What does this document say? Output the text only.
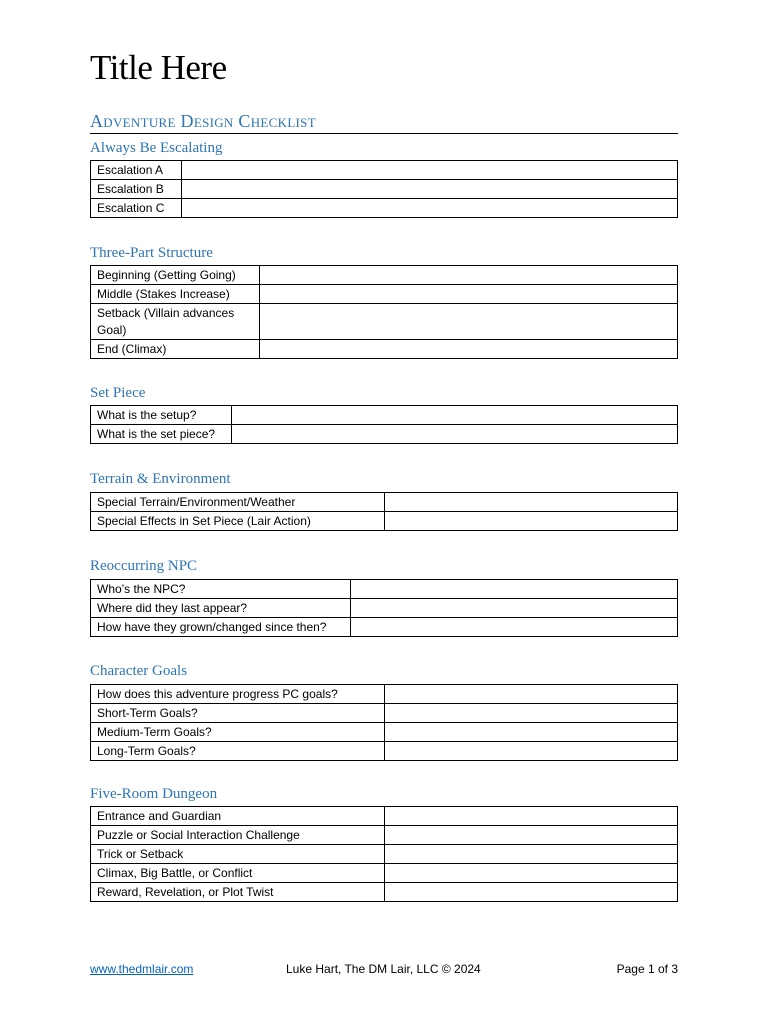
Title Here
Adventure Design Checklist
Always Be Escalating
Escalation A	
Escalation B	
Escalation C	
Three-Part Structure
Beginning (Getting Going)	
Middle (Stakes Increase)	
Setback (Villain advances Goal)	
End (Climax)	
Set Piece
What is the setup?	
What is the set piece?	
Terrain & Environment
Special Terrain/Environment/Weather	
Special Effects in Set Piece (Lair Action)	
Reoccurring NPC
Who’s the NPC?	
Where did they last appear?	
How have they grown/changed since then?	
Character Goals
How does this adventure progress PC goals?	
Short-Term Goals?	
Medium-Term Goals?	
Long-Term Goals?	
Five-Room Dungeon
Entrance and Guardian	
Puzzle or Social Interaction Challenge	
Trick or Setback	
Climax, Big Battle, or Conflict	
Reward, Revelation, or Plot Twist	
www.thedmlair.com	Luke Hart, The DM Lair, LLC © 2024	Page 1 of 3
